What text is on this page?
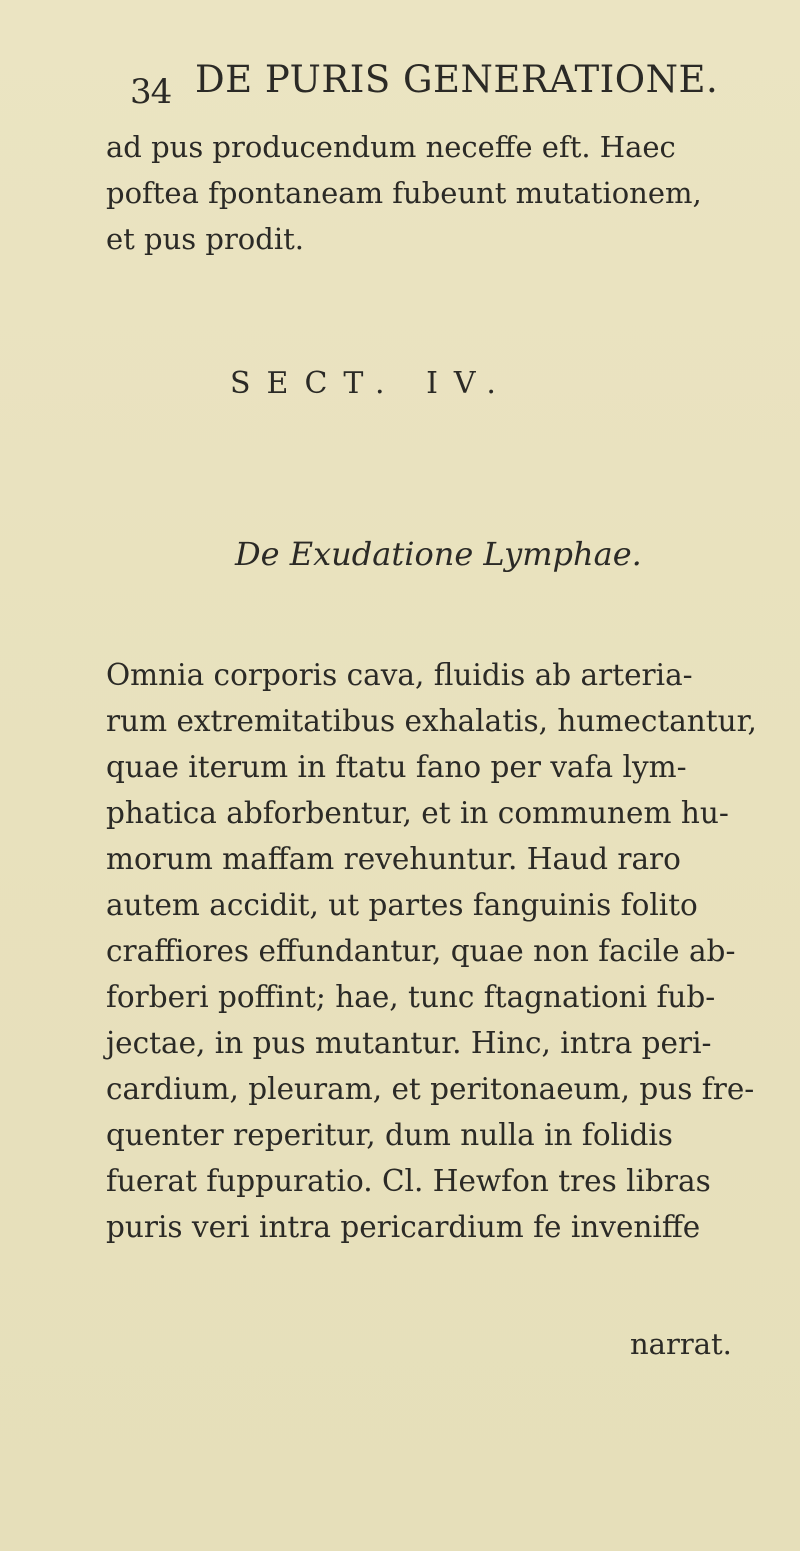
34 DE PURIS GENERATIONE.
ad pus producendum neceffe eft. Haec
poftea fpontaneam fubeunt mutationem,
et pus prodit.
SECT. IV.
De Exudatione Lymphae.
Omnia corporis cava, fluidis ab arteria-
rum extremitatibus exhalatis, humectantur,
quae iterum in ftatu fano per vafa lym-
phatica abforbentur, et in communem hu-
morum maffam revehuntur. Haud raro
autem accidit, ut partes fanguinis folito
craffiores effundantur, quae non facile ab-
forberi poffint; hae, tunc ftagnationi fub-
jectae, in pus mutantur. Hinc, intra peri-
cardium, pleuram, et peritonaeum, pus fre-
quenter reperitur, dum nulla in folidis
fuerat fuppuratio. Cl. Hewfon tres libras
puris veri intra pericardium fe inveniffe
narrat.
